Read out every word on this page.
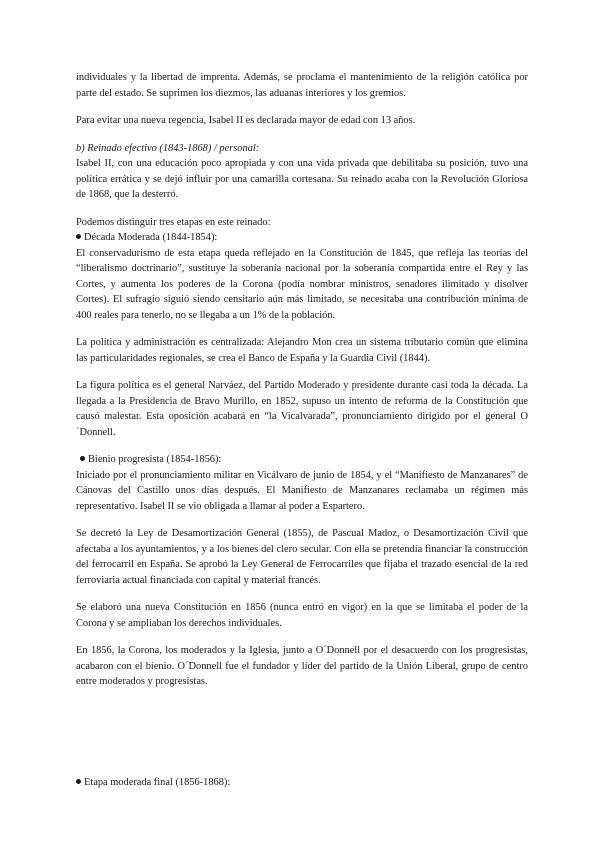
individuales y la libertad de imprenta. Además, se proclama el mantenimiento de la religión católica por parte del estado. Se suprimen los diezmos, las aduanas interiores y los gremios.

Para evitar una nueva regencia, Isabel II es declarada mayor de edad con 13 años.

b) Reinado efectivo (1843-1868) / personal:

Isabel II, con una educación poco apropiada y con una vida privada que debilitaba su posición, tuvo una política errática y se dejó influir por una camarilla cortesana. Su reinado acaba con la Revolución Gloriosa de 1868, que la desterró.

Podemos distinguir tres etapas en este reinado:

Década Moderada (1844-1854):

El conservadurismo de esta etapa queda reflejado en la Constitución de 1845, que refleja las teorías del “liberalismo doctrinario”, sustituye la soberanía nacional por la soberanía compartida entre el Rey y las Cortes, y aumenta los poderes de la Corona (podía nombrar ministros, senadores ilimitado y disolver Cortes). El sufragio siguió siendo censitario aún más limitado, se necesitaba una contribución mínima de 400 reales para tenerlo, no se llegaba a un 1% de la población.

La política y administración es centralizada: Alejandro Mon crea un sistema tributario común que elimina las particularidades regionales, se crea el Banco de España y la Guardia Civil (1844).

La figura política es el general Narváez, del Partido Moderado y presidente durante casi toda la década. La llegada a la Presidencia de Bravo Murillo, en 1852, supuso un intento de reforma de la Constitución que causó malestar. Esta oposición acabará en “la Vicalvarada”, pronunciamiento dirigido por el general O´Donnell.

Bienio progresista (1854-1856):

Iniciado por el pronunciamiento militar en Vicálvaro de junio de 1854, y el “Manifiesto de Manzanares” de Cánovas del Castillo unos días después. El Manifiesto de Manzanares reclamaba un régimen más representativo. Isabel II se vio obligada a llamar al poder a Espartero.

Se decretó la Ley de Desamortización General (1855), de Pascual Madoz, o Desamortización Civil que afectaba a los ayuntamientos, y a los bienes del clero secular. Con ella se pretendía financiar la construcción del ferrocarril en España. Se aprobó la Ley General de Ferrocarriles que fijaba el trazado esencial de la red ferroviaria actual financiada con capital y material francés.

Se elaboró una nueva Constitución en 1856 (nunca entró en vigor) en la que se limitaba el poder de la Corona y se ampliaban los derechos individuales.

En 1856, la Corona, los moderados y la Iglesia, junto a O´Donnell por el desacuerdo con los progresistas, acabaron con el bienio. O´Donnell fue el fundador y líder del partido de la Unión Liberal, grupo de centro entre moderados y progresistas.

Etapa moderada final (1856-1868):
